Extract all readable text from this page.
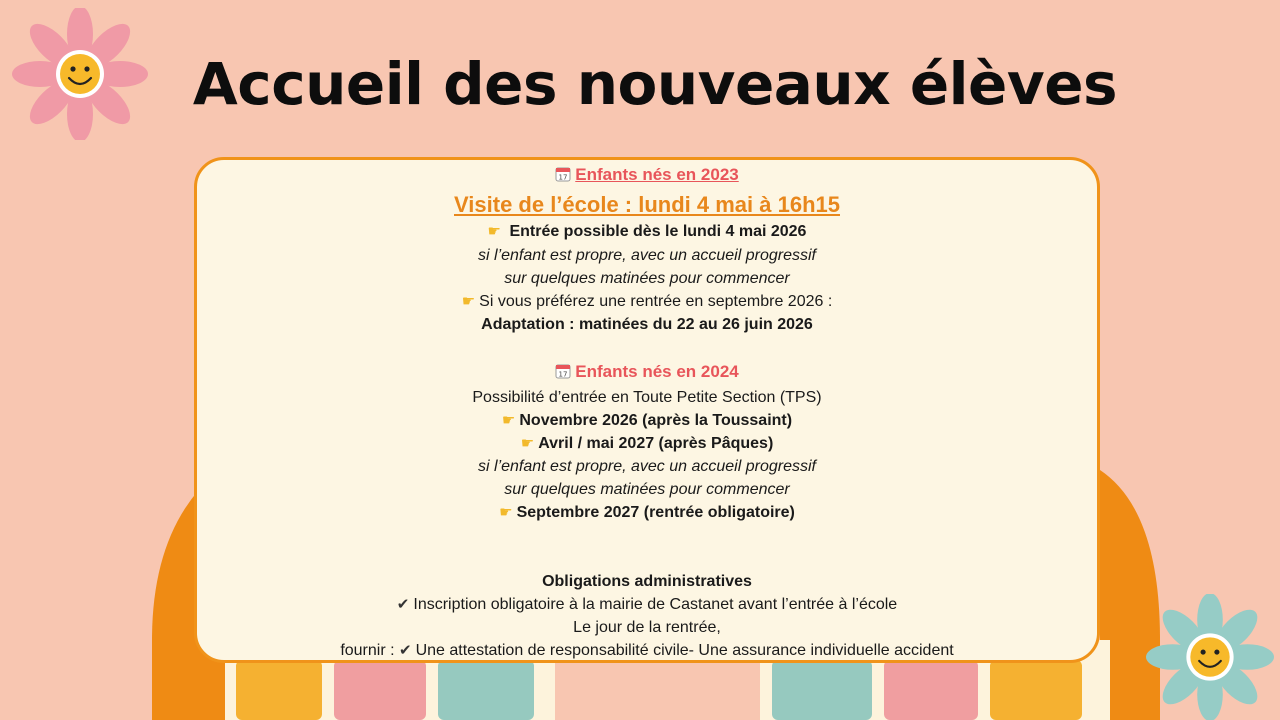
Accueil des nouveaux élèves
17 Enfants nés en 2023
Visite de l’école : lundi 4 mai à 16h15
☛ Entrée possible dès le lundi 4 mai 2026
si l’enfant est propre, avec un accueil progressif
sur quelques matinées pour commencer
☛ Si vous préférez une rentrée en septembre 2026 :
Adaptation : matinées du 22 au 26 juin 2026
17 Enfants nés en 2024
Possibilité d’entrée en Toute Petite Section (TPS)
☛ Novembre 2026 (après la Toussaint)
☛ Avril / mai 2027 (après Pâques)
si l’enfant est propre, avec un accueil progressif
sur quelques matinées pour commencer
☛ Septembre 2027 (rentrée obligatoire)
Obligations administratives
✔ Inscription obligatoire à la mairie de Castanet avant l’entrée à l’école
Le jour de la rentrée,
fournir : ✔ Une attestation de responsabilité civile- Une assurance individuelle accident
